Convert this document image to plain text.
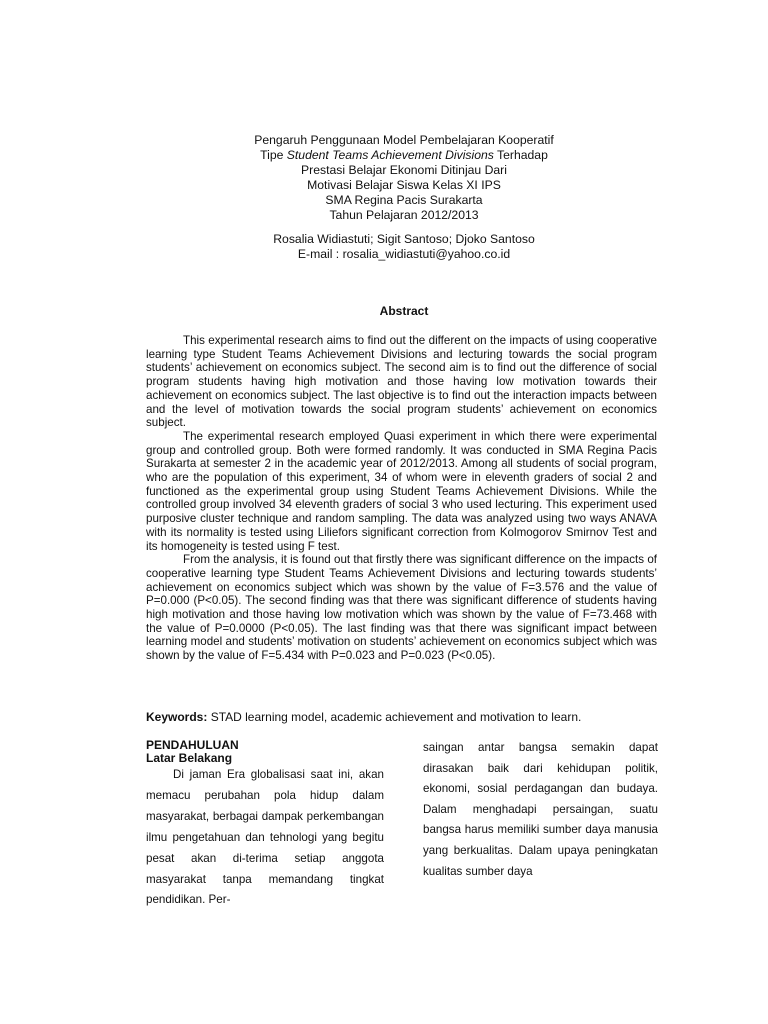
Pengaruh Penggunaan Model Pembelajaran Kooperatif
Tipe Student Teams Achievement Divisions Terhadap
Prestasi Belajar Ekonomi Ditinjau Dari
Motivasi Belajar Siswa Kelas XI IPS
SMA Regina Pacis Surakarta
Tahun Pelajaran 2012/2013
Rosalia Widiastuti; Sigit Santoso; Djoko Santoso
E-mail : rosalia_widiastuti@yahoo.co.id
Abstract

This experimental research aims to find out the different on the impacts of using cooperative learning type Student Teams Achievement Divisions and lecturing towards the social program students’ achievement on economics subject. The second aim is to find out the difference of social program students having high motivation and those having low motivation towards their achievement on economics subject. The last objective is to find out the interaction impacts between and the level of motivation towards the social program students’ achievement on economics subject.

The experimental research employed Quasi experiment in which there were experimental group and controlled group. Both were formed randomly. It was conducted in SMA Regina Pacis Surakarta at semester 2 in the academic year of 2012/2013. Among all students of social program, who are the population of this experiment, 34 of whom were in eleventh graders of social 2 and functioned as the experimental group using Student Teams Achievement Divisions. While the controlled group involved 34 eleventh graders of social 3 who used lecturing. This experiment used purposive cluster technique and random sampling. The data was analyzed using two ways ANAVA with its normality is tested using Liliefors significant correction from Kolmogorov Smirnov Test and its homogeneity is tested using F test.

From the analysis, it is found out that firstly there was significant difference on the impacts of cooperative learning type Student Teams Achievement Divisions and lecturing towards students’ achievement on economics subject which was shown by the value of F=3.576 and the value of P=0.000 (P<0.05). The second finding was that there was significant difference of students having high motivation and those having low motivation which was shown by the value of F=73.468 with the value of P=0.0000 (P<0.05). The last finding was that there was significant impact between learning model and students’ motivation on students’ achievement on economics subject which was shown by the value of F=5.434 with P=0.023 and P=0.023 (P<0.05).

Keywords: STAD learning model, academic achievement and motivation to learn.
PENDAHULUAN
Latar Belakang

Di jaman Era globalisasi saat ini, akan memacu perubahan pola hidup dalam masyarakat, berbagai dampak perkembangan ilmu pengetahuan dan tehnologi yang begitu pesat akan di-terima setiap anggota masyarakat tanpa memandang tingkat pendidikan. Per-

saingan antar bangsa semakin dapat dirasakan baik dari kehidupan politik, ekonomi, sosial perdagangan dan budaya. Dalam menghadapi persaingan, suatu bangsa harus memiliki sumber daya manusia yang berkualitas. Dalam upaya peningkatan kualitas sumber daya
